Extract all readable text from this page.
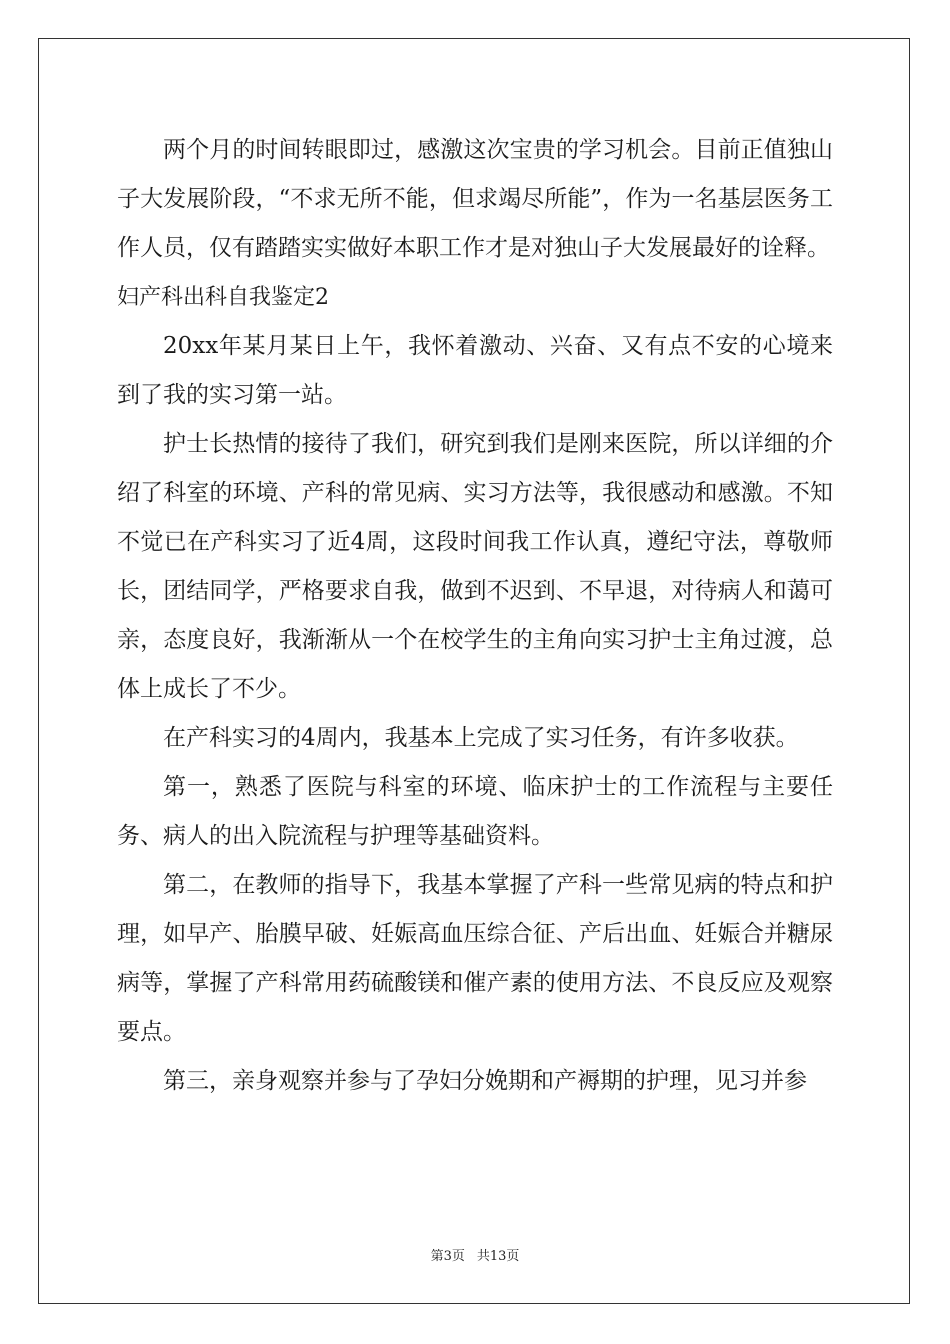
两个月的时间转眼即过，感激这次宝贵的学习机会。目前正值独山子大发展阶段，“不求无所不能，但求竭尽所能”，作为一名基层医务工作人员，仅有踏踏实实做好本职工作才是对独山子大发展最好的诠释。

妇产科出科自我鉴定2

20xx年某月某日上午，我怀着激动、兴奋、又有点不安的心境来到了我的实习第一站。

护士长热情的接待了我们，研究到我们是刚来医院，所以详细的介绍了科室的环境、产科的常见病、实习方法等，我很感动和感激。不知不觉已在产科实习了近4周，这段时间我工作认真，遵纪守法，尊敬师长，团结同学，严格要求自我，做到不迟到、不早退，对待病人和蔼可亲，态度良好，我渐渐从一个在校学生的主角向实习护士主角过渡，总体上成长了不少。

在产科实习的4周内，我基本上完成了实习任务，有许多收获。

第一，熟悉了医院与科室的环境、临床护士的工作流程与主要任务、病人的出入院流程与护理等基础资料。

第二，在教师的指导下，我基本掌握了产科一些常见病的特点和护理，如早产、胎膜早破、妊娠高血压综合征、产后出血、妊娠合并糖尿病等，掌握了产科常用药硫酸镁和催产素的使用方法、不良反应及观察要点。

第三，亲身观察并参与了孕妇分娩期和产褥期的护理，见习并参

第3页 共13页
